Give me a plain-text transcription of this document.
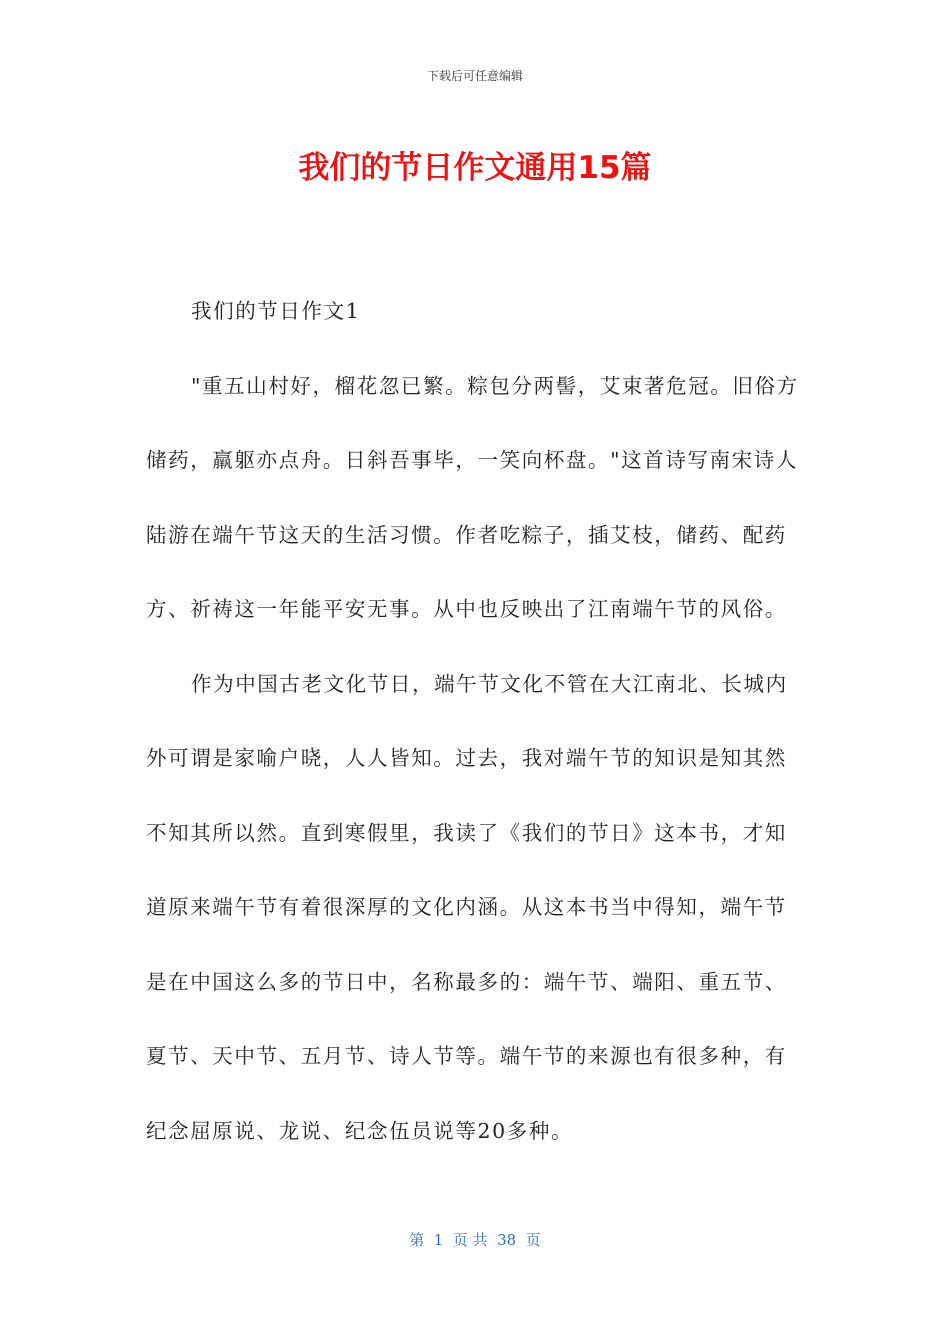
下载后可任意编辑
我们的节日作文通用15篇

我们的节日作文1

"重五山村好，榴花忽已繁。粽包分两髻，艾束著危冠。旧俗方储药，羸躯亦点舟。日斜吾事毕，一笑向杯盘。"这首诗写南宋诗人陆游在端午节这天的生活习惯。作者吃粽子，插艾枝，储药、配药方、祈祷这一年能平安无事。从中也反映出了江南端午节的风俗。

作为中国古老文化节日，端午节文化不管在大江南北、长城内外可谓是家喻户晓，人人皆知。过去，我对端午节的知识是知其然不知其所以然。直到寒假里，我读了《我们的节日》这本书，才知道原来端午节有着很深厚的文化内涵。从这本书当中得知，端午节是在中国这么多的节日中，名称最多的：端午节、端阳、重五节、夏节、天中节、五月节、诗人节等。端午节的来源也有很多种，有纪念屈原说、龙说、纪念伍员说等20多种。

第  1  页 共  38  页
